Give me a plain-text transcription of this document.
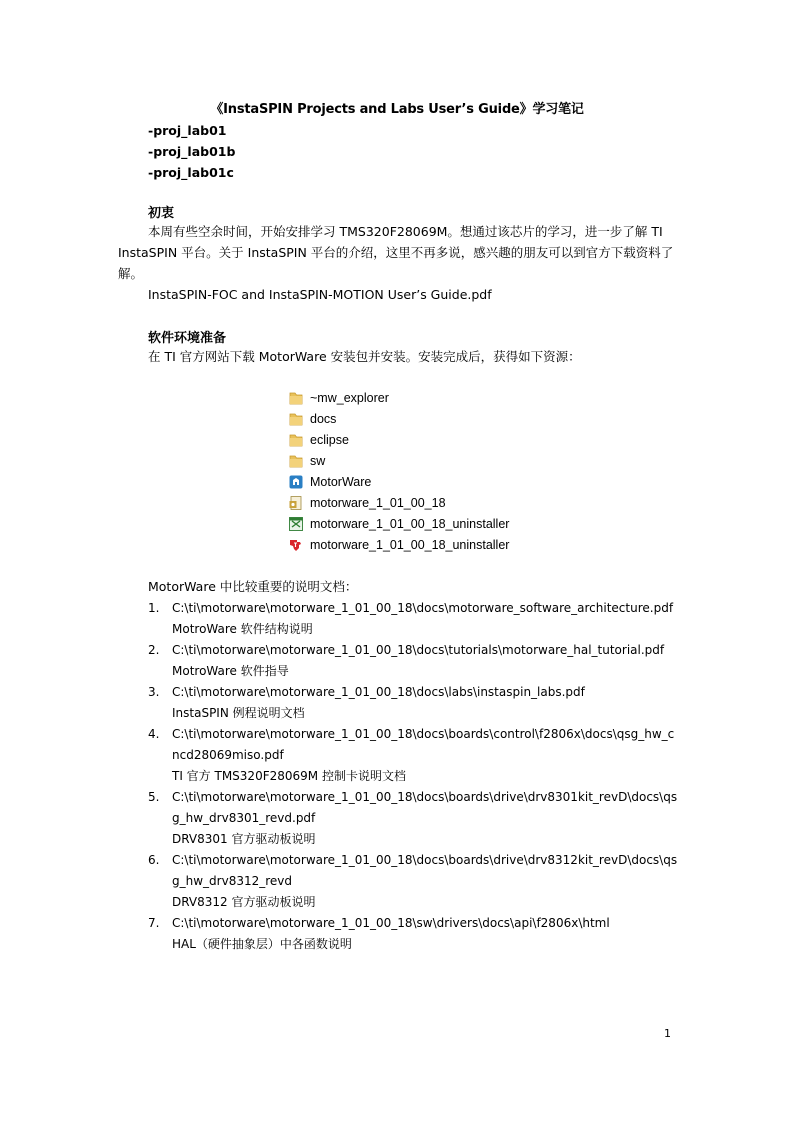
《InstaSPIN Projects and Labs User’s Guide》学习笔记
-proj_lab01
-proj_lab01b
-proj_lab01c
初衷
本周有些空余时间，开始安排学习 TMS320F28069M。想通过该芯片的学习，进一步了解 TI InstaSPIN 平台。关于 InstaSPIN 平台的介绍，这里不再多说，感兴趣的朋友可以到官方下载资料了解。
InstaSPIN-FOC and InstaSPIN-MOTION User’s Guide.pdf
软件环境准备
在 TI 官方网站下载 MotorWare 安装包并安装。安装完成后，获得如下资源：
~mw_explorer
docs
eclipse
sw
MotorWare
motorware_1_01_00_18
motorware_1_01_00_18_uninstaller
motorware_1_01_00_18_uninstaller
MotorWare 中比较重要的说明文档：
1. C:\ti\motorware\motorware_1_01_00_18\docs\motorware_software_architecture.pdf
MotroWare 软件结构说明
2. C:\ti\motorware\motorware_1_01_00_18\docs\tutorials\motorware_hal_tutorial.pdf
MotroWare 软件指导
3. C:\ti\motorware\motorware_1_01_00_18\docs\labs\instaspin_labs.pdf
InstaSPIN 例程说明文档
4. C:\ti\motorware\motorware_1_01_00_18\docs\boards\control\f2806x\docs\qsg_hw_cncd28069miso.pdf
TI 官方 TMS320F28069M 控制卡说明文档
5. C:\ti\motorware\motorware_1_01_00_18\docs\boards\drive\drv8301kit_revD\docs\qsg_hw_drv8301_revd.pdf
DRV8301 官方驱动板说明
6. C:\ti\motorware\motorware_1_01_00_18\docs\boards\drive\drv8312kit_revD\docs\qsg_hw_drv8312_revd
DRV8312 官方驱动板说明
7. C:\ti\motorware\motorware_1_01_00_18\sw\drivers\docs\api\f2806x\html
HAL（硬件抽象层）中各函数说明
1
